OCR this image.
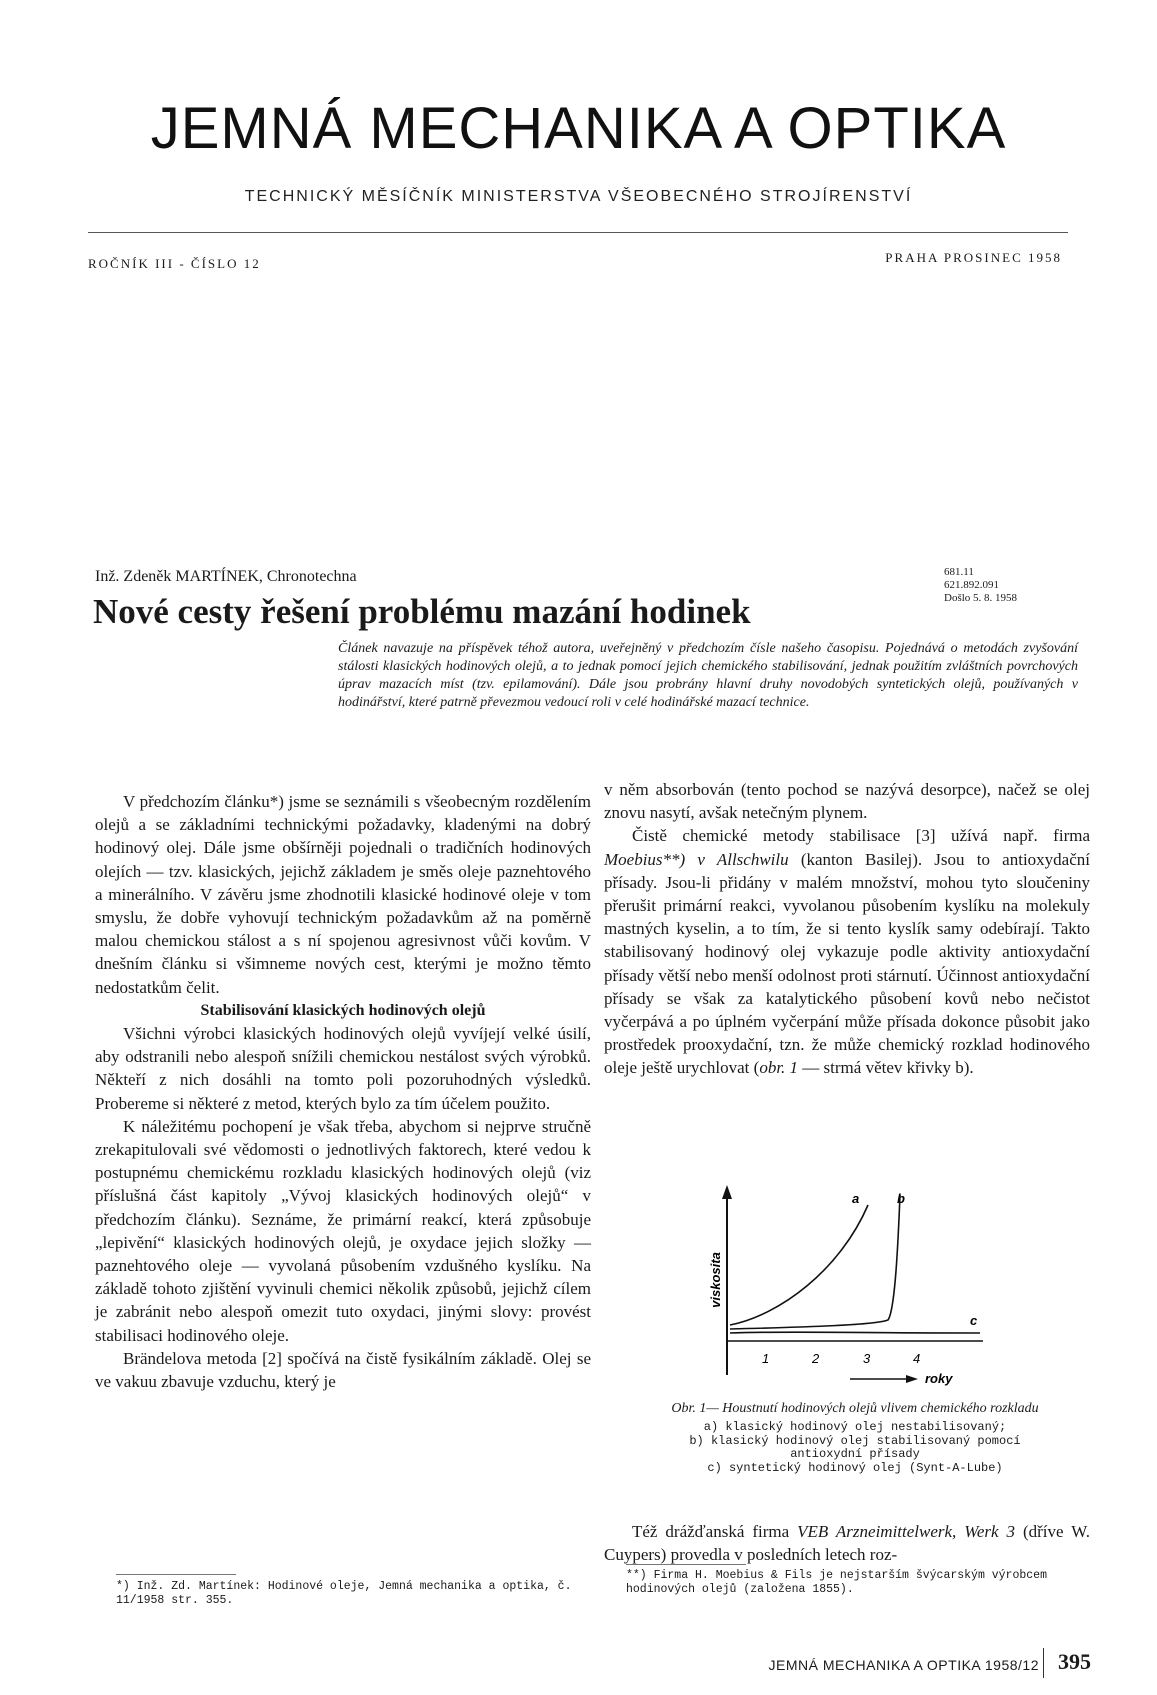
JEMNÁ MECHANIKA A OPTIKA
TECHNICKÝ MĚSÍČNÍK MINISTERSTVA VŠEOBECNÉHO STROJÍRENSTVÍ
ROČNÍK III - ČÍSLO 12	PRAHA PROSINEC 1958
Inž. Zdeněk MARTÍNEK, Chronotechna	681.11
621.892.091
Došlo 5. 8. 1958
Nové cesty řešení problému mazání hodinek
Článek navazuje na příspěvek téhož autora, uveřejněný v předchozím čísle našeho časopisu. Pojednává o metodách zvyšování stálosti klasických hodinových olejů, a to jednak pomocí jejich chemického stabilisování, jednak použitím zvláštních povrchových úprav mazacích míst (tzv. epilamování). Dále jsou probrány hlavní druhy novodobých syntetických olejů, používaných v hodinářství, které patrně převezmou vedoucí roli v celé hodinářské mazací technice.

V předchozím článku*) jsme se seznámili s všeobecným rozdělením olejů a se základními technickými požadavky, kladenými na dobrý hodinový olej. Dále jsme obšírněji pojednali o tradičních hodinových olejích — tzv. klasických, jejichž základem je směs oleje paznehtového a minerálního. V závěru jsme zhodnotili klasické hodinové oleje v tom smyslu, že dobře vyhovují technickým požadavkům až na poměrně malou chemickou stálost a s ní spojenou agresivnost vůči kovům. V dnešním článku si všimneme nových cest, kterými je možno těmto nedostatkům čelit.

Stabilisování klasických hodinových olejů

Všichni výrobci klasických hodinových olejů vyvíjejí velké úsilí, aby odstranili nebo alespoň snížili chemickou nestálost svých výrobků. Někteří z nich dosáhli na tomto poli pozoruhodných výsledků. Probereme si některé z metod, kterých bylo za tím účelem použito.

K náležitému pochopení je však třeba, abychom si nejprve stručně zrekapitulovali své vědomosti o jednotlivých faktorech, které vedou k postupnému chemickému rozkladu klasických hodinových olejů (viz příslušná část kapitoly „Vývoj klasických hodinových olejů“ v předchozím článku). Seznáme, že primární reakcí, která způsobuje „lepivění“ klasických hodinových olejů, je oxydace jejich složky — paznehtového oleje — vyvolaná působením vzdušného kyslíku. Na základě tohoto zjištění vyvinuli chemici několik způsobů, jejichž cílem je zabránit nebo alespoň omezit tuto oxydaci, jinými slovy: provést stabilisaci hodinového oleje.

Brändelova metoda [2] spočívá na čistě fysikálním základě. Olej se ve vakuu zbavuje vzduchu, který je

v něm absorbován (tento pochod se nazývá desorpce), načež se olej znovu nasytí, avšak netečným plynem.

Čistě chemické metody stabilisace [3] užívá např. firma Moebius**) v Allschwilu (kanton Basilej). Jsou to antioxydační přísady. Jsou-li přidány v malém množství, mohou tyto sloučeniny přerušit primární reakci, vyvolanou působením kyslíku na molekuly mastných kyselin, a to tím, že si tento kyslík samy odebírají. Takto stabilisovaný hodinový olej vykazuje podle aktivity antioxydační přísady větší nebo menší odolnost proti stárnutí. Účinnost antioxydační přísady se však za katalytického působení kovů nebo nečistot vyčerpává a po úplném vyčerpání může přísada dokonce působit jako prostředek prooxydační, tzn. že může chemický rozklad hodinového oleje ještě urychlovat (obr. 1 — strmá větev křivky b).

Též drážďanská firma VEB Arzneimittelwerk, Werk 3 (dříve W. Cuypers) provedla v posledních letech roz-

viskosita
roky
1	2	3	4
a	b
c
Obr. 1— Houstnutí hodinových olejů vlivem chemického rozkladu
a) klasický hodinový olej nestabilisovaný;
b) klasický hodinový olej stabilisovaný pomocí antioxydní přísady
c) syntetický hodinový olej (Synt-A-Lube)
*) Inž. Zd. Martínek: Hodinové oleje, Jemná mechanika a optika, č. 11/1958 str. 355.
**) Firma H. Moebius & Fils je nejstarším švýcarským výrobcem hodinových olejů (založena 1855).
JEMNÁ MECHANIKA A OPTIKA 1958/12 395
